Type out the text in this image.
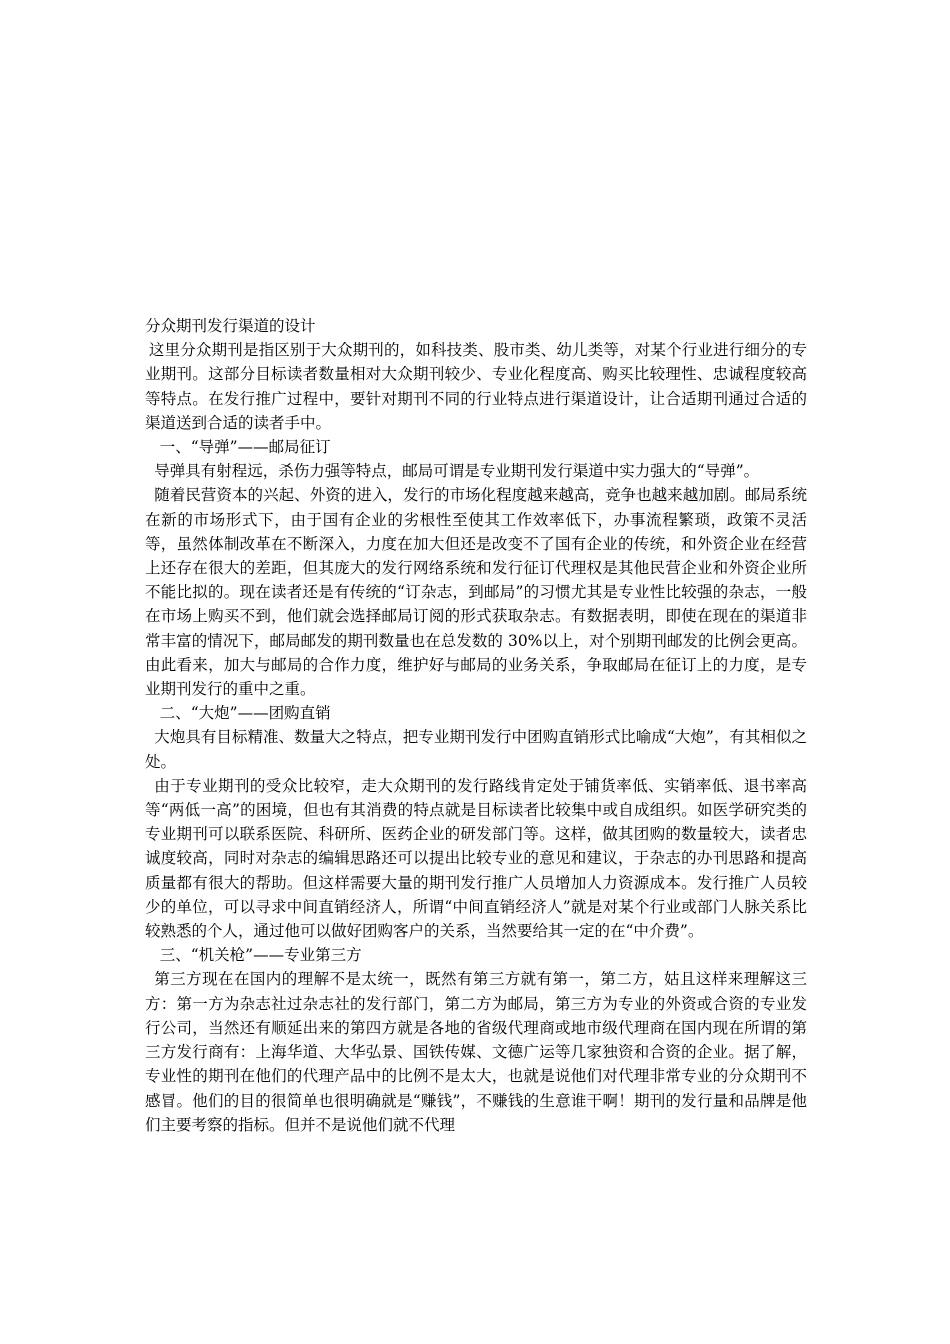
分众期刊发行渠道的设计

这里分众期刊是指区别于大众期刊的，如科技类、股市类、幼儿类等，对某个行业进行细分的专业期刊。这部分目标读者数量相对大众期刊较少、专业化程度高、购买比较理性、忠诚程度较高等特点。在发行推广过程中，要针对期刊不同的行业特点进行渠道设计，让合适期刊通过合适的渠道送到合适的读者手中。

一、“导弹”——邮局征订

导弹具有射程远，杀伤力强等特点，邮局可谓是专业期刊发行渠道中实力强大的“导弹”。

随着民营资本的兴起、外资的进入，发行的市场化程度越来越高，竞争也越来越加剧。邮局系统在新的市场形式下，由于国有企业的劣根性至使其工作效率低下，办事流程繁琐，政策不灵活等，虽然体制改革在不断深入，力度在加大但还是改变不了国有企业的传统，和外资企业在经营上还存在很大的差距，但其庞大的发行网络系统和发行征订代理权是其他民营企业和外资企业所不能比拟的。现在读者还是有传统的“订杂志，到邮局”的习惯尤其是专业性比较强的杂志，一般在市场上购买不到，他们就会选择邮局订阅的形式获取杂志。有数据表明，即使在现在的渠道非常丰富的情况下，邮局邮发的期刊数量也在总发数的 30%以上，对个别期刊邮发的比例会更高。由此看来，加大与邮局的合作力度，维护好与邮局的业务关系，争取邮局在征订上的力度，是专业期刊发行的重中之重。

二、“大炮”——团购直销

大炮具有目标精准、数量大之特点，把专业期刊发行中团购直销形式比喻成“大炮”，有其相似之处。

由于专业期刊的受众比较窄，走大众期刊的发行路线肯定处于铺货率低、实销率低、退书率高等“两低一高”的困境，但也有其消费的特点就是目标读者比较集中或自成组织。如医学研究类的专业期刊可以联系医院、科研所、医药企业的研发部门等。这样，做其团购的数量较大，读者忠诚度较高，同时对杂志的编辑思路还可以提出比较专业的意见和建议，于杂志的办刊思路和提高质量都有很大的帮助。但这样需要大量的期刊发行推广人员增加人力资源成本。发行推广人员较少的单位，可以寻求中间直销经济人，所谓“中间直销经济人”就是对某个行业或部门人脉关系比较熟悉的个人，通过他可以做好团购客户的关系，当然要给其一定的在“中介费”。

三、“机关枪”——专业第三方

第三方现在在国内的理解不是太统一，既然有第三方就有第一，第二方，姑且这样来理解这三方：第一方为杂志社过杂志社的发行部门，第二方为邮局，第三方为专业的外资或合资的专业发行公司，当然还有顺延出来的第四方就是各地的省级代理商或地市级代理商在国内现在所谓的第三方发行商有：上海华道、大华弘景、国铁传媒、文德广运等几家独资和合资的企业。据了解，专业性的期刊在他们的代理产品中的比例不是太大，也就是说他们对代理非常专业的分众期刊不感冒。他们的目的很简单也很明确就是“赚钱”，不赚钱的生意谁干啊！期刊的发行量和品牌是他们主要考察的指标。但并不是说他们就不代理
